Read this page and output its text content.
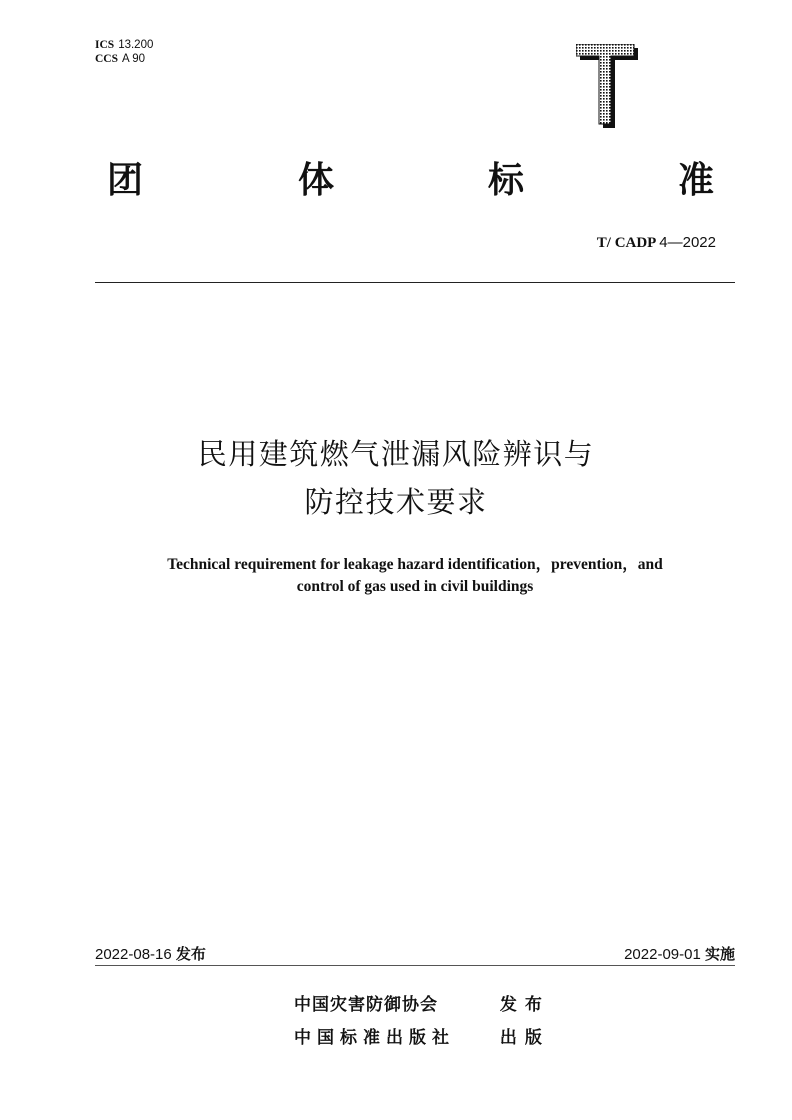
ICS 13.200
CCS A 90
团	体	标	准
T/ CADP 4—2022
民用建筑燃气泄漏风险辨识与
防控技术要求
Technical requirement for leakage hazard identification，prevention，and
control of gas used in civil buildings
2022-08-16 发布	2022-09-01 实施
中国灾害防御协会	发布
中国标准出版社	出版
